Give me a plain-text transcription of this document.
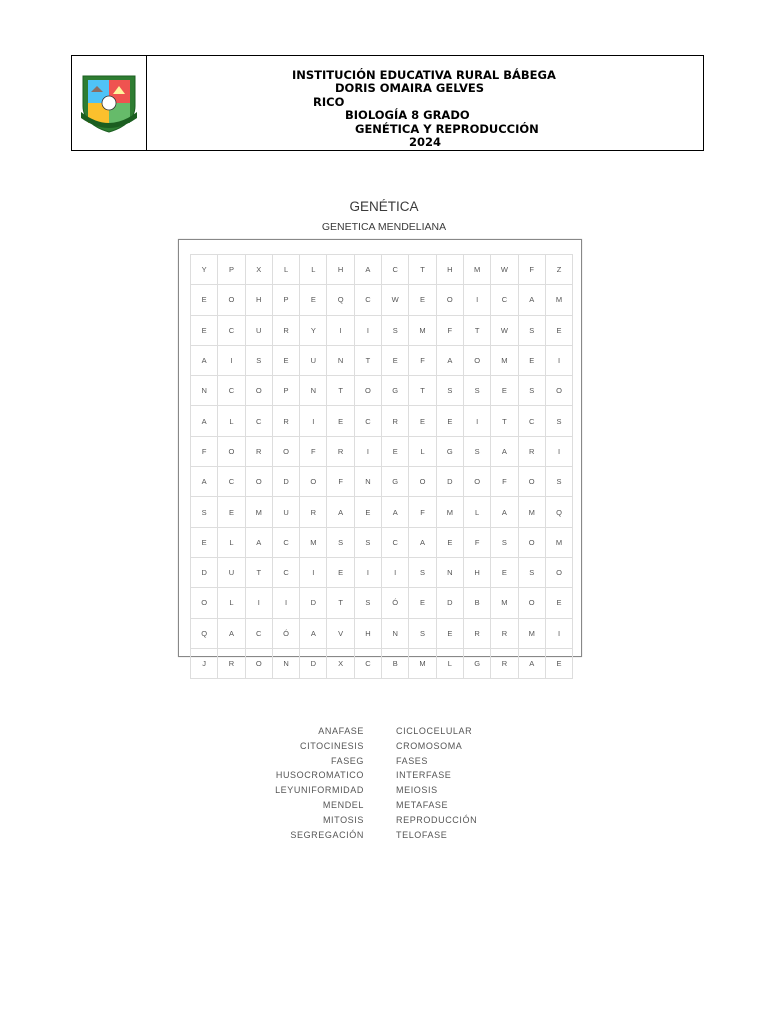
INSTITUCIÓN EDUCATIVA RURAL BÁBEGA
DORIS OMAIRA GELVES
RICO
BIOLOGÍA 8 GRADO
GENÉTICA Y REPRODUCCIÓN
2024
GENÉTICA
GENETICA MENDELIANA
Y	P	X	L	L	H	A	C	T	H	M	W	F	Z
E	O	H	P	E	Q	C	W	E	O	I	C	A	M
E	C	U	R	Y	I	I	S	M	F	T	W	S	E
A	I	S	E	U	N	T	E	F	A	O	M	E	I
N	C	O	P	N	T	O	G	T	S	S	E	S	O
A	L	C	R	I	E	C	R	E	E	I	T	C	S
F	O	R	O	F	R	I	E	L	G	S	A	R	I
A	C	O	D	O	F	N	G	O	D	O	F	O	S
S	E	M	U	R	A	E	A	F	M	L	A	M	Q
E	L	A	C	M	S	S	C	A	E	F	S	O	M
D	U	T	C	I	E	I	I	S	N	H	E	S	O
O	L	I	I	D	T	S	Ó	E	D	B	M	O	E
Q	A	C	Ó	A	V	H	N	S	E	R	R	M	I
J	R	O	N	D	X	C	B	M	L	G	R	A	E
ANAFASE
CITOCINESIS
FASEG
HUSOCROMATICO
LEYUNIFORMIDAD
MENDEL
MITOSIS
SEGREGACIÓN
CICLOCELULAR
CROMOSOMA
FASES
INTERFASE
MEIOSIS
METAFASE
REPRODUCCIÓN
TELOFASE
